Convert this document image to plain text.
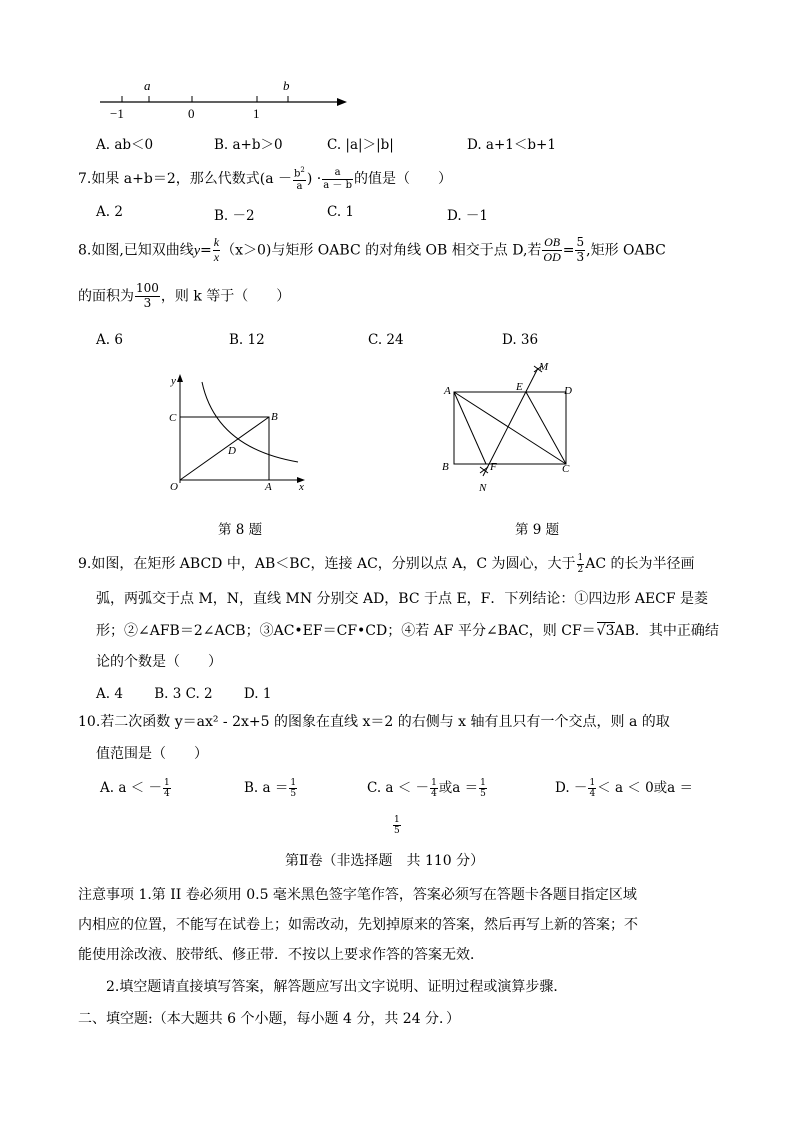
a	b
−1	0	1
A. ab＜0	B. a+b＞0	C. |a|＞|b|	D. a+1＜b+1
7.如果 a+b＝2，那么代数式($a - \frac{b^2}{a}$ ) · $\frac{a}{a - b}$ 的值是（　　）
A. 2	B. －2	C. 1	D. －1
8.如图,已知双曲线$y= \frac{k}{x} (x>0)$与矩形 OABC 的对角线 OB 相交于点 D,若 $\frac{OB}{OD} = \frac{5}{3}$ ,矩形 OABC
的面积为 $\frac{100}{3}$ ，则 k 等于（　　）
A. 6	B. 12	C. 24	D. 36
y
x
C	B
D
O	A
第 8 题
A	E
M
D
B	F	C
N
第 9 题
9.如图，在矩形 ABCD 中，AB＜BC，连接 AC，分别以点 A，C 为圆心，大于 $\frac{1}{2}$ AC 的长为半径画
弧，两弧交于点 M，N，直线 MN 分别交 AD，BC 于点 E，F．下列结论：①四边形 AECF 是菱
形；②∠AFB＝2∠ACB；③AC•EF＝CF•CD；④若 AF 平分∠BAC，则 CF＝√3AB．其中正确结
论的个数是（　　）
A. 4　　 B. 3 C. 2　　 D. 1
10.若二次函数 y＝ax² - 2x+5 的图象在直线 x＝2 的右侧与 x 轴有且只有一个交点，则 a 的取
值范围是（　　）
A. a ＜ － $\frac{1}{4}$	B. $a = \frac{1}{5}$	C. a ＜ － $\frac{1}{4}$ 或$a = \frac{1}{5}$	D. － $\frac{1}{4} < a < 0$或a ＝
$\frac{1}{5}$
第Ⅱ卷（非选择题　共 110 分）
注意事项 1.第 II 卷必须用 0.5 毫米黑色签字笔作答，答案必须写在答题卡各题目指定区域
内相应的位置，不能写在试卷上；如需改动，先划掉原来的答案，然后再写上新的答案；不
能使用涂改液、胶带纸、修正带．不按以上要求作答的答案无效．
2.填空题请直接填写答案，解答题应写出文字说明、证明过程或演算步骤．
二、填空题:（本大题共 6 个小题，每小题 4 分，共 24 分．）
